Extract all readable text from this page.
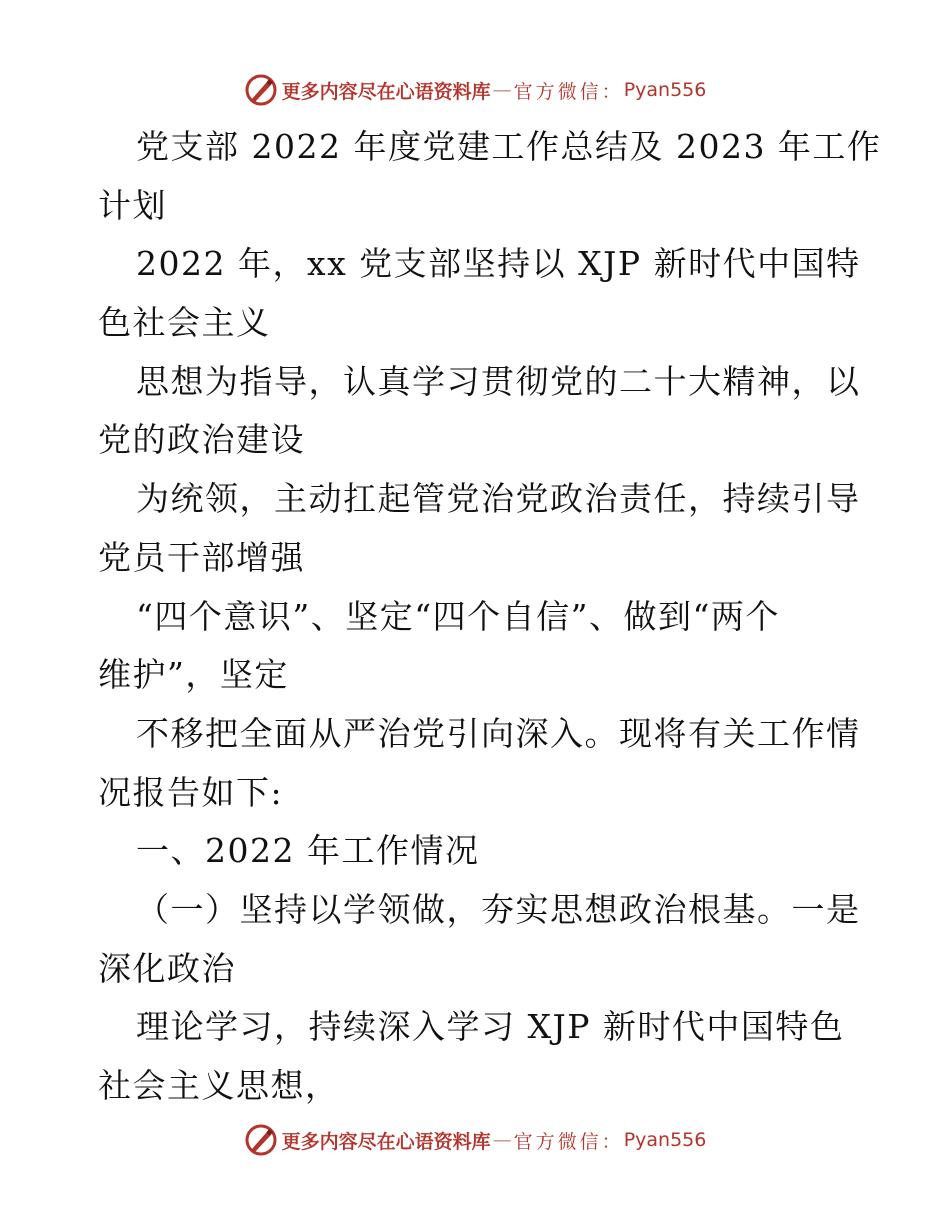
更多内容尽在心语资料库 — 官方微信： Pyan556
党支部 2022 年度党建工作总结及 2023 年工作
计划
2022 年，xx 党支部坚持以 XJP 新时代中国特
色社会主义
思想为指导，认真学习贯彻党的二十大精神，以
党的政治建设
为统领，主动扛起管党治党政治责任，持续引导
党员干部增强
“四个意识”、坚定“四个自信”、做到“两个
维护”，坚定
不移把全面从严治党引向深入。现将有关工作情
况报告如下:
一、2022 年工作情况
（一）坚持以学领做，夯实思想政治根基。一是
深化政治
理论学习，持续深入学习 XJP 新时代中国特色
社会主义思想，
更多内容尽在心语资料库 — 官方微信： Pyan556
